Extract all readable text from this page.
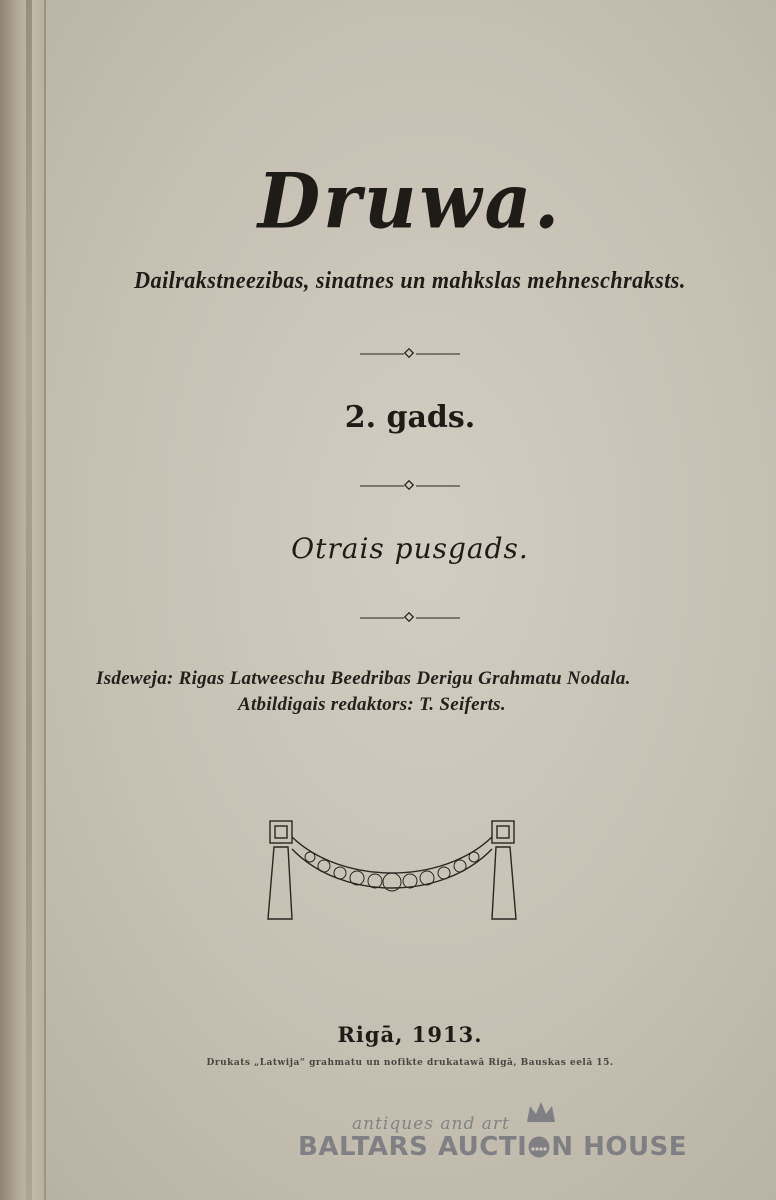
Druwa.
Dailrakstneezibas, sinatnes un mahkslas mehneschraksts.
2. gads.
Otrais pusgads.
Isdeweja: Rigas Latweeschu Beedribas Derigu Grahmatu Nodala.
Atbildigais redaktors: T. Seiferts.
Rigā, 1913.
Drukats „Latwija“ grahmatu un nofikte drukatawā Rigā, Bauskas eelā 15.
antiques and art
BALTARS AUCTI N HOUSE
